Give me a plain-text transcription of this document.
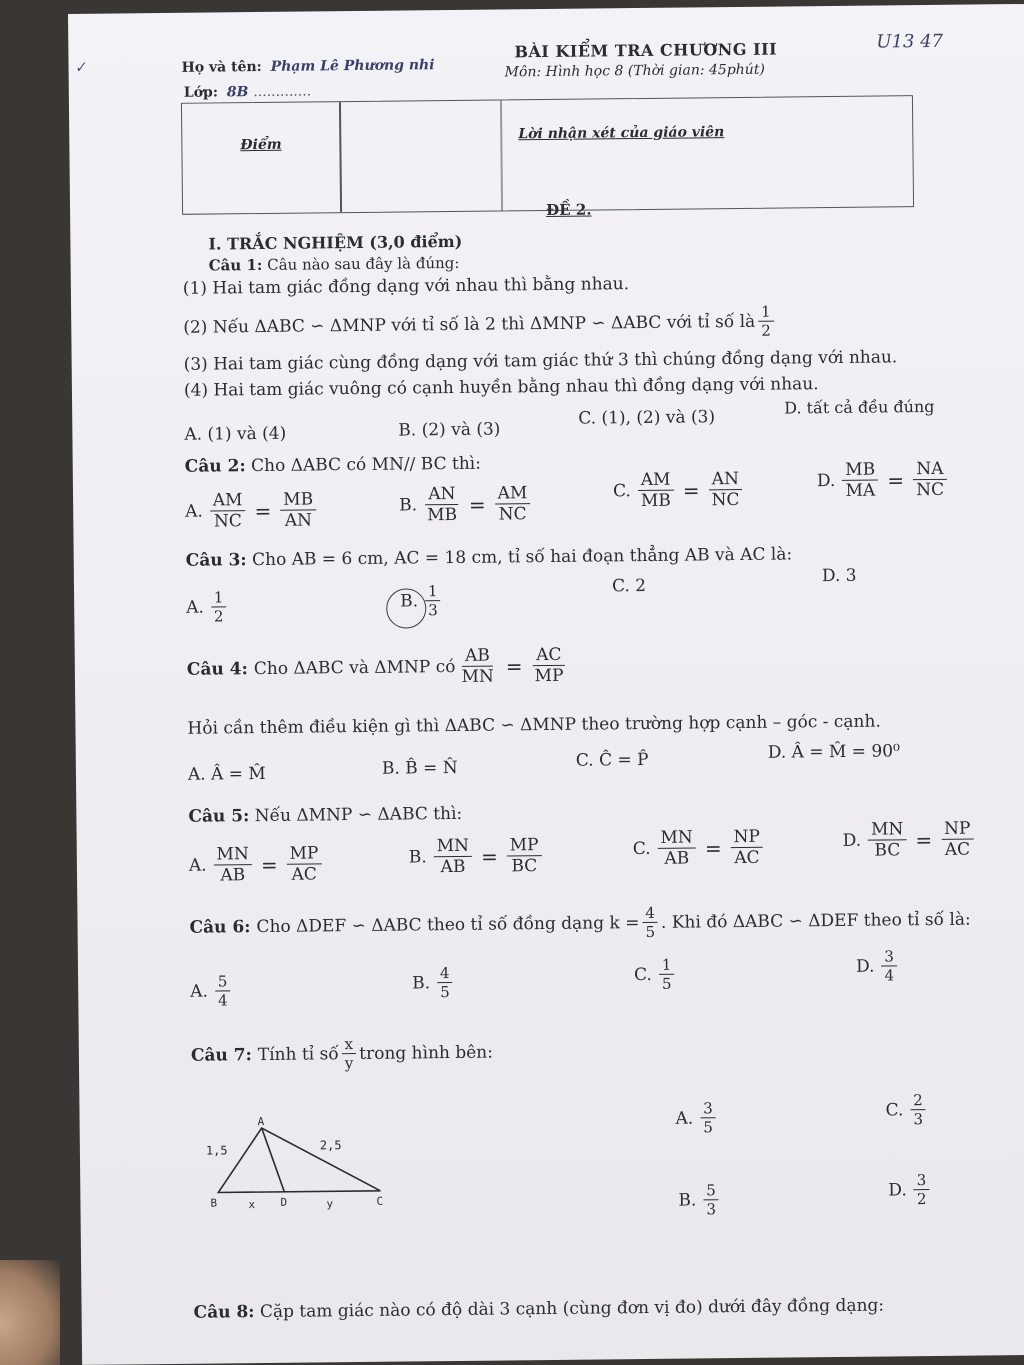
✓	Họ và tên: Phạm Lê Phương nhi
Lớp: 8B .............
BÀI KIỂM TRA CHƯƠNG III
Môn: Hình học 8 (Thời gian: 45phút)
U13 47
Điểm
Lời nhận xét của giáo viên
ĐỀ 2.
I. TRẮC NGHIỆM (3,0 điểm)
Câu 1: Câu nào sau đây là đúng:
(1) Hai tam giác đồng dạng với nhau thì bằng nhau.
(2) Nếu ΔABC ∽ ΔMNP với tỉ số là 2 thì ΔMNP ∽ ΔABC với tỉ số là $\frac{1}{2}$
(3) Hai tam giác cùng đồng dạng với tam giác thứ 3 thì chúng đồng dạng với nhau.
(4) Hai tam giác vuông có cạnh huyền bằng nhau thì đồng dạng với nhau.
A. (1) và (4)	B. (2) và (3)
C. (1), (2) và (3)
D. tất cả đều đúng
Câu 2: Cho ΔABC có MN// BC thì:
A. $\frac{AM}{NC} = \frac{MB}{AN}$	B. $\frac{AN}{MB} = \frac{AM}{NC}$	C. $\frac{AM}{MB} = \frac{AN}{NC}$	D. $\frac{MB}{MA} = \frac{NA}{NC}$
Câu 3: Cho AB = 6 cm, AC = 18 cm, tỉ số hai đoạn thẳng AB và AC là:
A. $\frac{1}{2}$	B. $\frac{1}{3}$	C. 2
D. 3
Câu 4: Cho ΔABC và ΔMNP có $\frac{AB}{MN} = \frac{AC}{MP}$
Hỏi cần thêm điều kiện gì thì ΔABC ∽ ΔMNP theo trường hợp cạnh – góc - cạnh.
A. Â = M̂	B. B̂ = N̂	C. Ĉ = P̂	D. Â = M̂ = 90⁰
Câu 5: Nếu ΔMNP ∽ ΔABC thì:
A. $\frac{MN}{AB} = \frac{MP}{AC}$	B. $\frac{MN}{AB} = \frac{MP}{BC}$	C. $\frac{MN}{AB} = \frac{NP}{AC}$	D. $\frac{MN}{BC} = \frac{NP}{AC}$
Câu 6: Cho ΔDEF ∽ ΔABC theo tỉ số đồng dạng $k = \frac{4}{5}$ . Khi đó ΔABC ∽ ΔDEF theo tỉ số là:
A. $\frac{5}{4}$	B. $\frac{4}{5}$	C. $\frac{1}{5}$	D. $\frac{3}{4}$
Câu 7: Tính tỉ số $\frac{x}{y}$ trong hình bên:
A
B	C
D
1,5	2,5
x	y
A. $\frac{3}{5}$
B. $\frac{5}{3}$
C. $\frac{2}{3}$
D. $\frac{3}{2}$
Câu 8: Cặp tam giác nào có độ dài 3 cạnh (cùng đơn vị đo) dưới đây đồng dạng:
